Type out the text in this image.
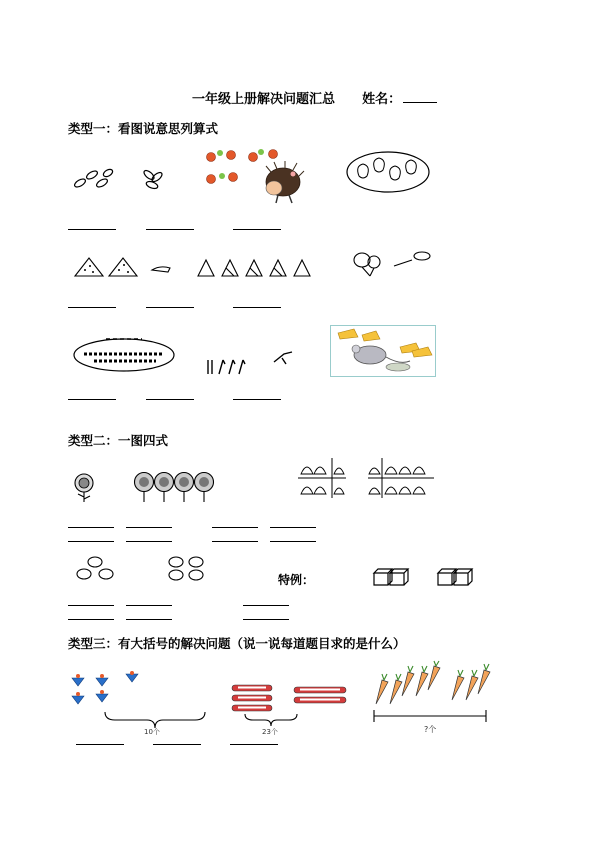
一年级上册解决问题汇总 姓名：
类型一：看图说意思列算式
类型二：一图四式
特例：
类型三：有大括号的解决问题（说一说每道题目求的是什么）
10个	23个	?个
